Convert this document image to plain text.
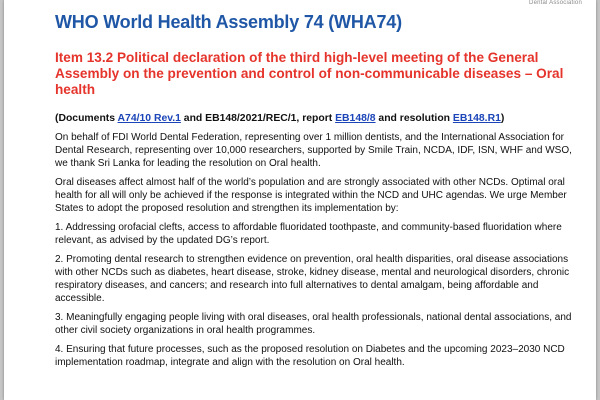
Dental Association
WHO World Health Assembly 74 (WHA74)
Item 13.2 Political declaration of the third high-level meeting of the General Assembly on the prevention and control of non-communicable diseases – Oral health

(Documents A74/10 Rev.1 and EB148/2021/REC/1, report EB148/8 and resolution EB148.R1)

On behalf of FDI World Dental Federation, representing over 1 million dentists, and the International Association for Dental Research, representing over 10,000 researchers, supported by Smile Train, NCDA, IDF, ISN, WHF and WSO, we thank Sri Lanka for leading the resolution on Oral health.

Oral diseases affect almost half of the world’s population and are strongly associated with other NCDs. Optimal oral health for all will only be achieved if the response is integrated within the NCD and UHC agendas. We urge Member States to adopt the proposed resolution and strengthen its implementation by:

1. Addressing orofacial clefts, access to affordable fluoridated toothpaste, and community-based fluoridation where relevant, as advised by the updated DG’s report.

2. Promoting dental research to strengthen evidence on prevention, oral health disparities, oral disease associations with other NCDs such as diabetes, heart disease, stroke, kidney disease, mental and neurological disorders, chronic respiratory diseases, and cancers; and research into full alternatives to dental amalgam, being affordable and accessible.

3. Meaningfully engaging people living with oral diseases, oral health professionals, national dental associations, and other civil society organizations in oral health programmes.

4. Ensuring that future processes, such as the proposed resolution on Diabetes and the upcoming 2023–2030 NCD implementation roadmap, integrate and align with the resolution on Oral health.
